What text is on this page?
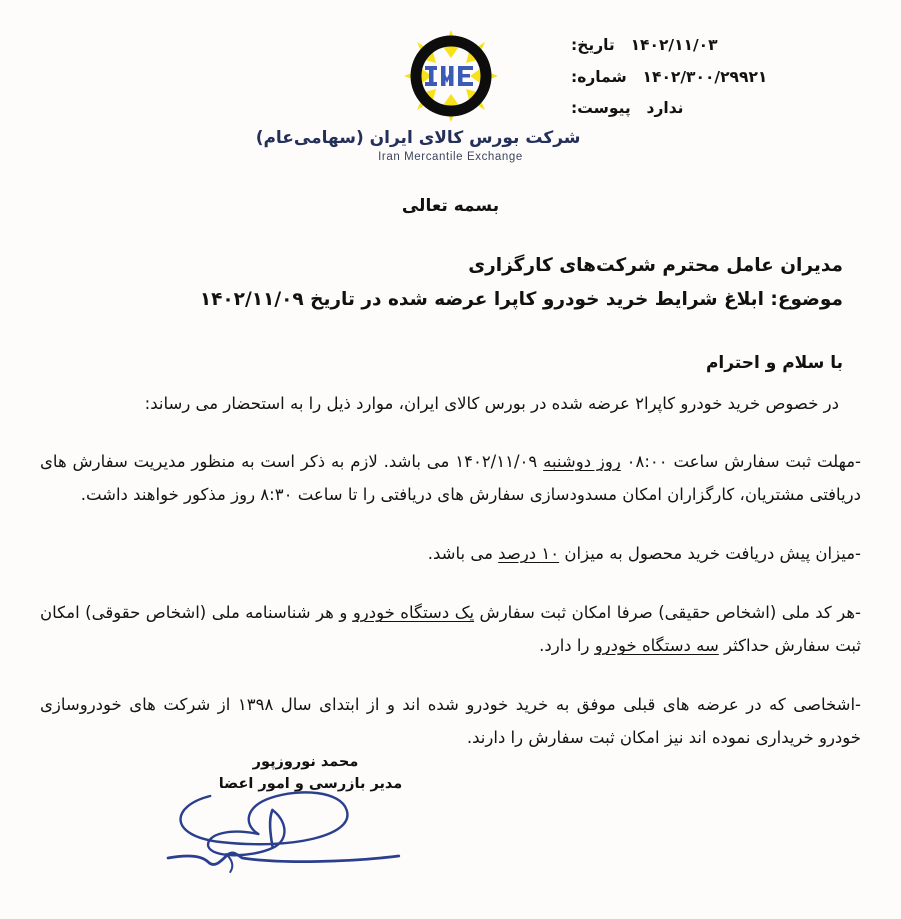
۱۴۰۲/۱۱/۰۳  تاریخ:
۱۴۰۲/۳۰۰/۲۹۹۲۱  شماره:
ندارد  پیوست:
شرکت بورس کالای ایران (سهامی‌عام)
Iran Mercantile Exchange
بسمه تعالی
مدیران عامل محترم شرکت‌های کارگزاری
موضوع: ابلاغ شرایط خرید خودرو کاپرا عرضه شده در تاریخ ۱۴۰۲/۱۱/۰۹
با سلام و احترام
در خصوص خرید خودرو کاپرا۲ عرضه شده در بورس کالای ایران، موارد ذیل را به استحضار می رساند:
-مهلت ثبت سفارش ساعت ۰۸:۰۰ روز دوشنبه ۱۴۰۲/۱۱/۰۹ می باشد. لازم به ذکر است به منظور مدیریت سفارش های دریافتی مشتریان، کارگزاران امکان مسدودسازی سفارش های دریافتی را تا ساعت ۸:۳۰ روز مذکور خواهند داشت.
-میزان پیش دریافت خرید محصول به میزان ۱۰ درصد می باشد.
-هر کد ملی (اشخاص حقیقی) صرفا امکان ثبت سفارش یک دستگاه خودرو و هر شناسنامه ملی (اشخاص حقوقی) امکان ثبت سفارش حداکثر سه دستگاه خودرو را دارد.
-اشخاصی که در عرضه های قبلی موفق به خرید خودرو شده اند و از ابتدای سال ۱۳۹۸ از شرکت های خودروسازی خودرو خریداری نموده اند نیز امکان ثبت سفارش را دارند.
محمد نوروزپور
مدیر بازرسی و امور اعضا
